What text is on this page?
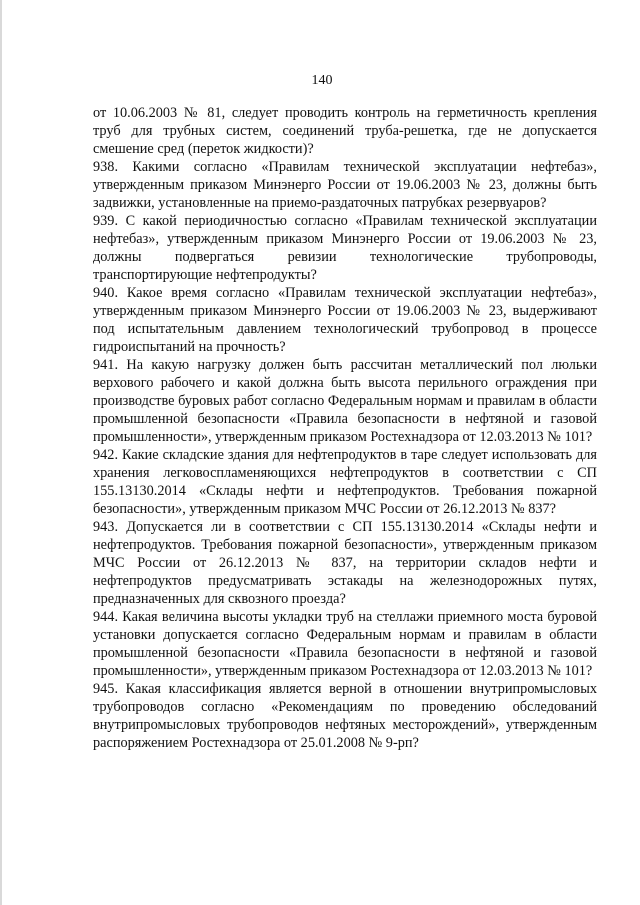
140

от 10.06.2003 № 81, следует проводить контроль на герметичность крепления труб для трубных систем, соединений труба-решетка, где не допускается смешение сред (переток жидкости)?

938. Какими согласно «Правилам технической эксплуатации нефтебаз», утвержденным приказом Минэнерго России от 19.06.2003 № 23, должны быть задвижки, установленные на приемо-раздаточных патрубках резервуаров?

939. С какой периодичностью согласно «Правилам технической эксплуатации нефтебаз», утвержденным приказом Минэнерго России от 19.06.2003 № 23, должны подвергаться ревизии технологические трубопроводы, транспортирующие нефтепродукты?

940. Какое время согласно «Правилам технической эксплуатации нефтебаз», утвержденным приказом Минэнерго России от 19.06.2003 № 23, выдерживают под испытательным давлением технологический трубопровод в процессе гидроиспытаний на прочность?

941. На какую нагрузку должен быть рассчитан металлический пол люльки верхового рабочего и какой должна быть высота перильного ограждения при производстве буровых работ согласно Федеральным нормам и правилам в области промышленной безопасности «Правила безопасности в нефтяной и газовой промышленности», утвержденным приказом Ростехнадзора от 12.03.2013 № 101?

942. Какие складские здания для нефтепродуктов в таре следует использовать для хранения легковоспламеняющихся нефтепродуктов в соответствии с СП 155.13130.2014 «Склады нефти и нефтепродуктов. Требования пожарной безопасности», утвержденным приказом МЧС России от 26.12.2013 № 837?

943. Допускается ли в соответствии с СП 155.13130.2014 «Склады нефти и нефтепродуктов. Требования пожарной безопасности», утвержденным приказом МЧС России от 26.12.2013 № 837, на территории складов нефти и нефтепродуктов предусматривать эстакады на железнодорожных путях, предназначенных для сквозного проезда?

944. Какая величина высоты укладки труб на стеллажи приемного моста буровой установки допускается согласно Федеральным нормам и правилам в области промышленной безопасности «Правила безопасности в нефтяной и газовой промышленности», утвержденным приказом Ростехнадзора от 12.03.2013 № 101?

945. Какая классификация является верной в отношении внутрипромысловых трубопроводов согласно «Рекомендациям по проведению обследований внутрипромысловых трубопроводов нефтяных месторождений», утвержденным распоряжением Ростехнадзора от 25.01.2008 № 9-рп?
